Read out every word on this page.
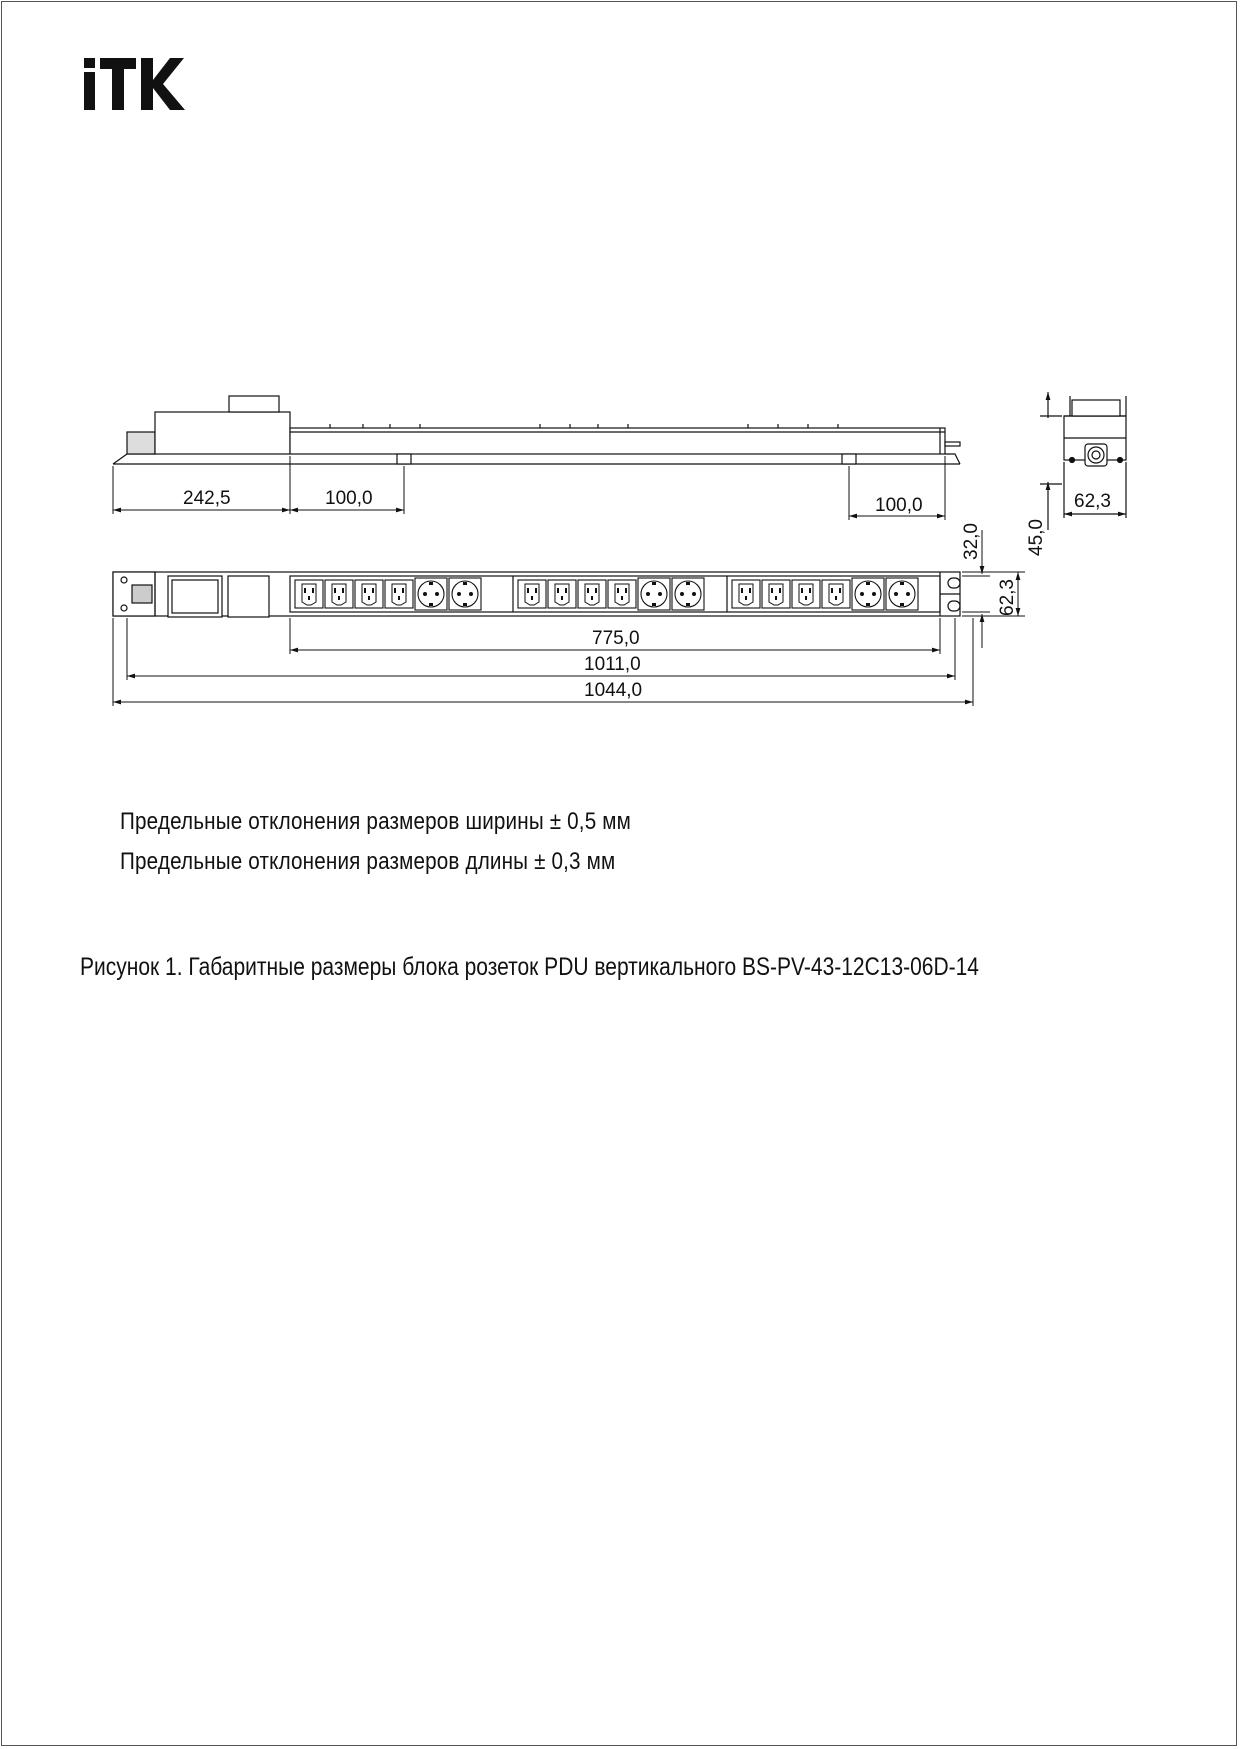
242,5	100,0	100,0	62,3
45,0
775,0
1011,0
1044,0
32,0
62,3
Предельные отклонения размеров ширины ± 0,5 мм
Предельные отклонения размеров длины ± 0,3 мм
Рисунок 1. Габаритные размеры блока розеток PDU вертикального BS-PV-43-12C13-06D-14
